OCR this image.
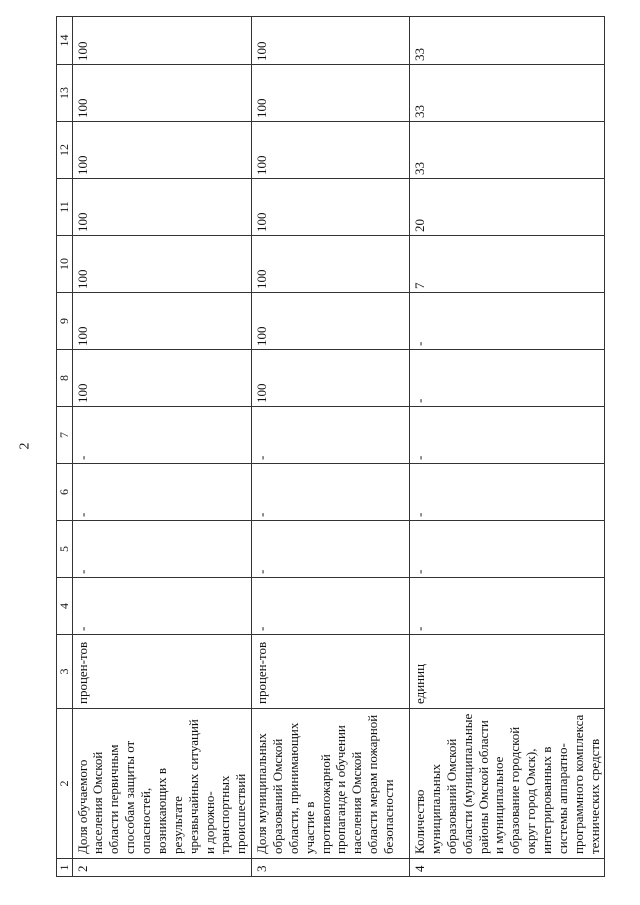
2
1	2	3	4	5	6	7	8	9	10	11	12	13	14
2	Доля обучаемого населения Омской области первичным способам защиты от опасностей, возникающих в результате чрезвычайных ситуаций и дорожно-транспортных происшествий	процен-тов	-	-	-	-	100	100	100	100	100	100	100
3	Доля муниципальных образований Омской области, принимающих участие в противопожарной пропаганде и обучении населения Омской области мерам пожарной безопасности	процен-тов	-	-	-	-	100	100	100	100	100	100	100
4	Количество муниципальных образований Омской области (муниципальные районы Омской области и муниципальное образование городской округ город Омск), интегрированных в системы аппаратно-программного комплекса технических средств	единиц	-	-	-	-	-	-	7	20	33	33	33
